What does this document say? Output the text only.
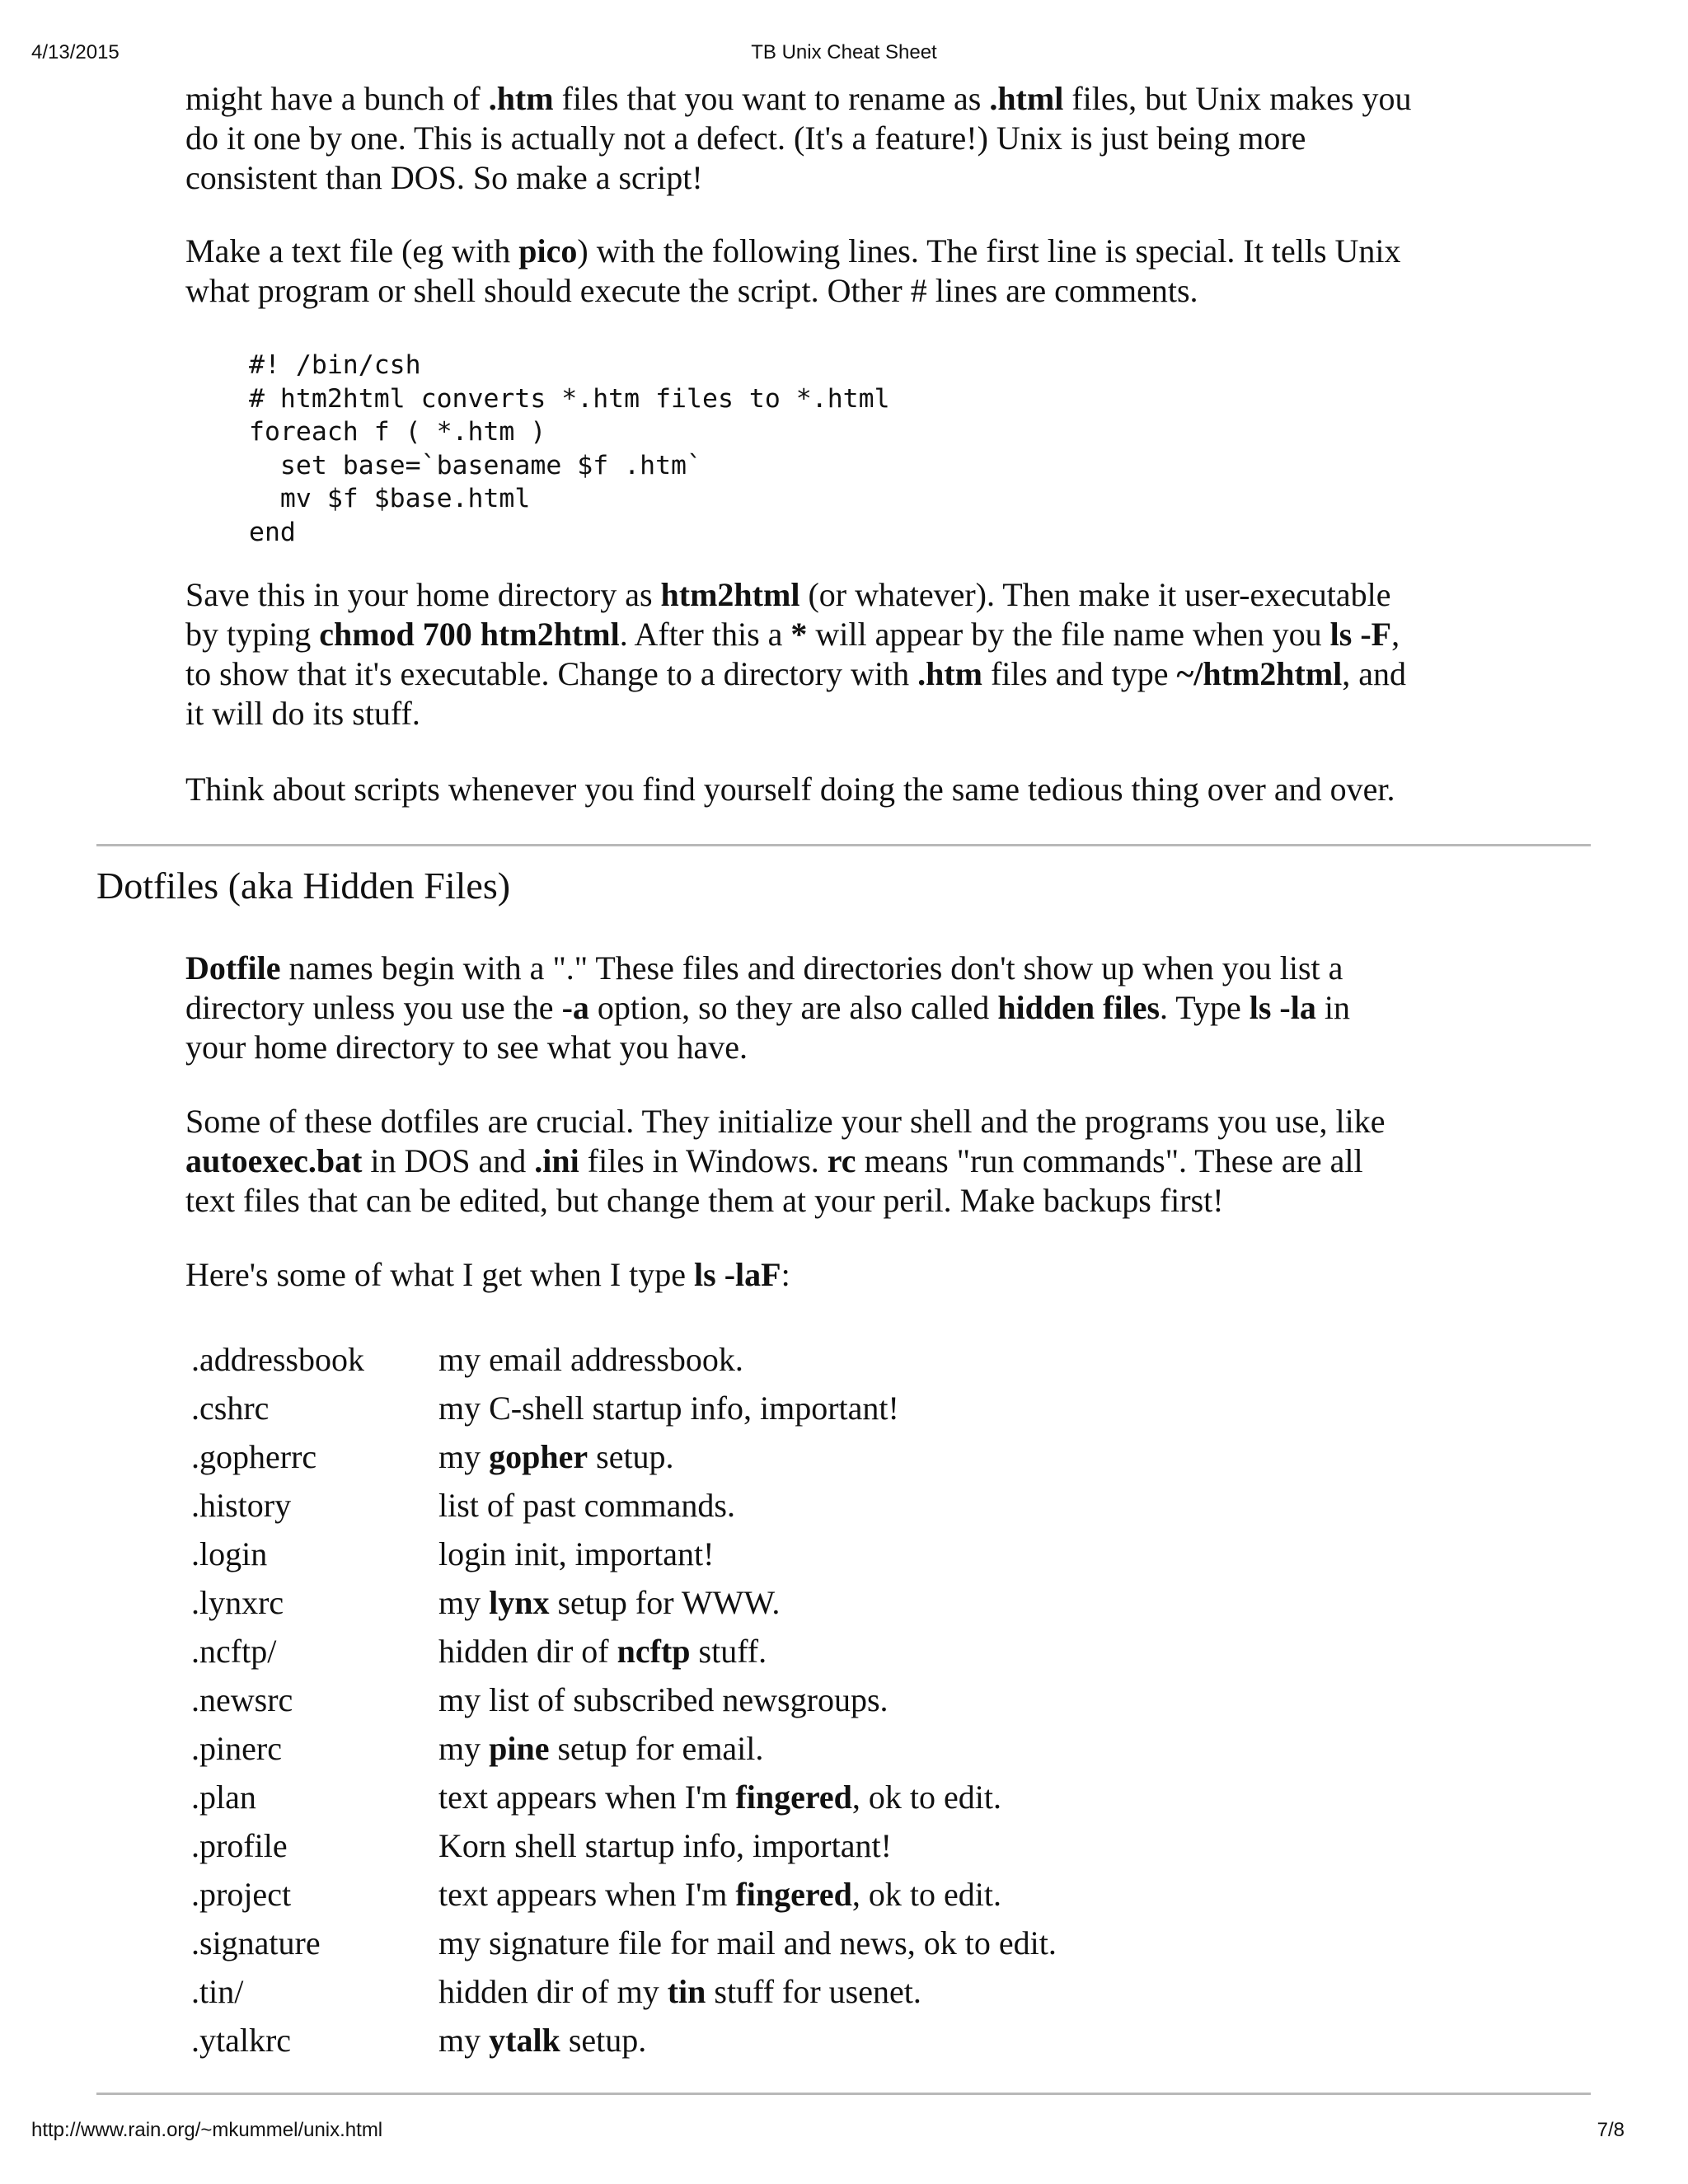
4/13/2015	TB Unix Cheat Sheet

might have a bunch of .htm files that you want to rename as .html files, but Unix makes you

do it one by one. This is actually not a defect. (It's a feature!) Unix is just being more

consistent than DOS. So make a script!

Make a text file (eg with pico) with the following lines. The first line is special. It tells Unix

what program or shell should execute the script. Other # lines are comments.

#! /bin/csh
# htm2html converts *.htm files to *.html
foreach f ( *.htm )
set base=`basename $f .htm`
mv $f $base.html
end

Save this in your home directory as htm2html (or whatever). Then make it user-executable

by typing chmod 700 htm2html. After this a * will appear by the file name when you ls -F,

to show that it's executable. Change to a directory with .htm files and type ~/htm2html, and

it will do its stuff.

Think about scripts whenever you find yourself doing the same tedious thing over and over.

Dotfiles (aka Hidden Files)

Dotfile names begin with a "." These files and directories don't show up when you list a

directory unless you use the -a option, so they are also called hidden files. Type ls -la in

your home directory to see what you have.

Some of these dotfiles are crucial. They initialize your shell and the programs you use, like

autoexec.bat in DOS and .ini files in Windows. rc means "run commands". These are all

text files that can be edited, but change them at your peril. Make backups first!

Here's some of what I get when I type ls -laF:

.addressbook	my email addressbook.
.cshrc	my C-shell startup info, important!
.gopherrc	my gopher setup.
.history	list of past commands.
.login	login init, important!
.lynxrc	my lynx setup for WWW.
.ncftp/	hidden dir of ncftp stuff.
.newsrc	my list of subscribed newsgroups.
.pinerc	my pine setup for email.
.plan	text appears when I'm fingered, ok to edit.
.profile	Korn shell startup info, important!
.project	text appears when I'm fingered, ok to edit.
.signature	my signature file for mail and news, ok to edit.
.tin/	hidden dir of my tin stuff for usenet.
.ytalkrc	my ytalk setup.
http://www.rain.org/~mkummel/unix.html	7/8
